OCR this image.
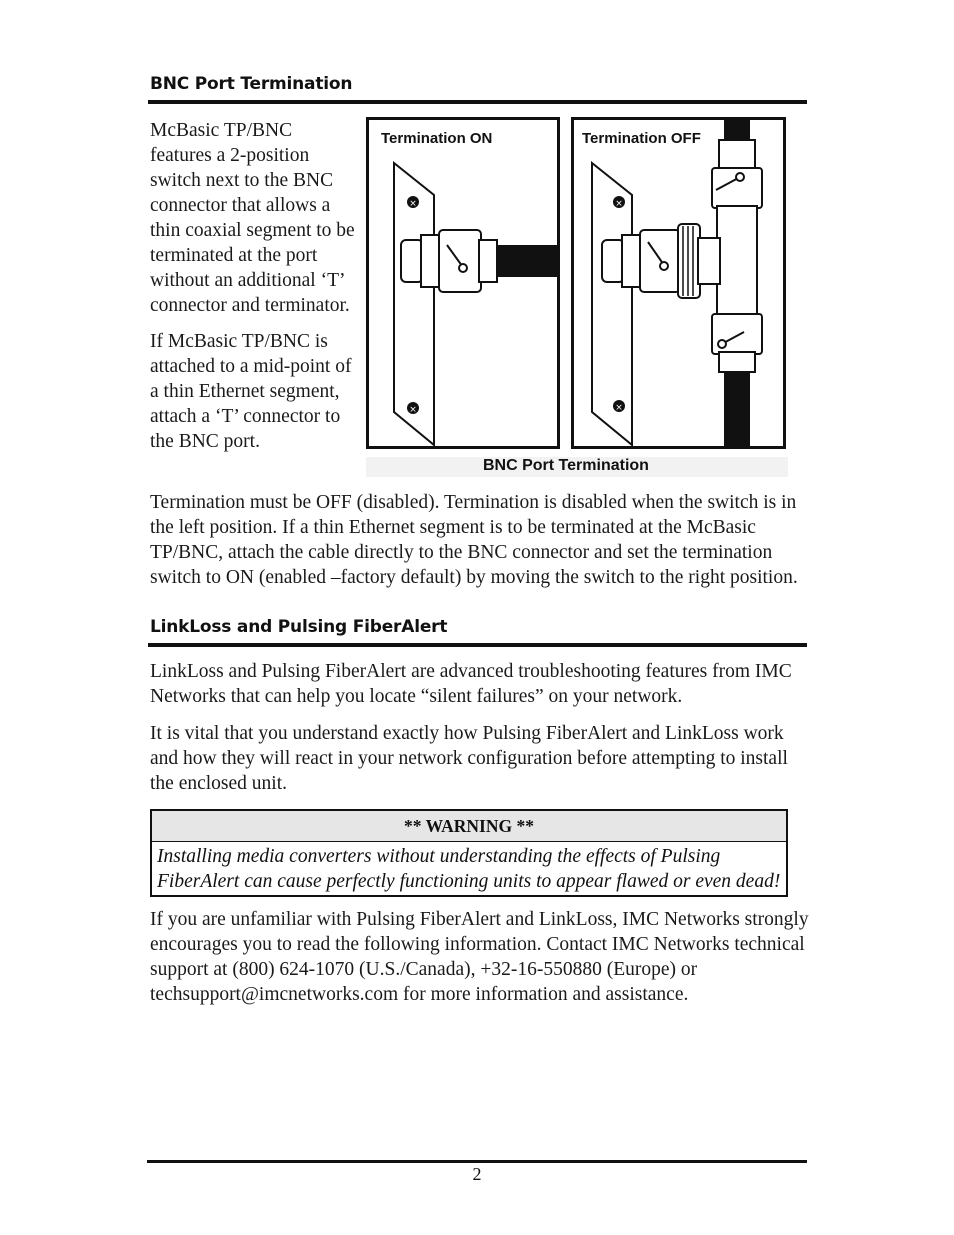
BNC Port Termination

McBasic TP/BNC features a 2-position switch next to the BNC connector that allows a thin coaxial segment to be terminated at the port without an additional ‘T’ connector and terminator.

If McBasic TP/BNC is attached to a mid-point of a thin Ethernet segment, attach a ‘T’ connector to the BNC port.

×
×
Termination ON
×
×
Termination OFF
BNC Port Termination

Termination must be OFF (disabled). Termination is disabled when the switch is in the left position. If a thin Ethernet segment is to be terminated at the McBasic TP/BNC, attach the cable directly to the BNC connector and set the termination switch to ON (enabled –factory default) by moving the switch to the right position.

LinkLoss and Pulsing FiberAlert

LinkLoss and Pulsing FiberAlert are advanced troubleshooting features from IMC Networks that can help you locate “silent failures” on your network.

It is vital that you understand exactly how Pulsing FiberAlert and LinkLoss work and how they will react in your network configuration before attempting to install the enclosed unit.

** WARNING **
Installing media converters without understanding the effects of Pulsing FiberAlert can cause perfectly functioning units to appear flawed or even dead!

If you are unfamiliar with Pulsing FiberAlert and LinkLoss, IMC Networks strongly encourages you to read the following information. Contact IMC Networks technical support at (800) 624-1070 (U.S./Canada), +32-16-550880 (Europe) or techsupport@imcnetworks.com for more information and assistance.

2
